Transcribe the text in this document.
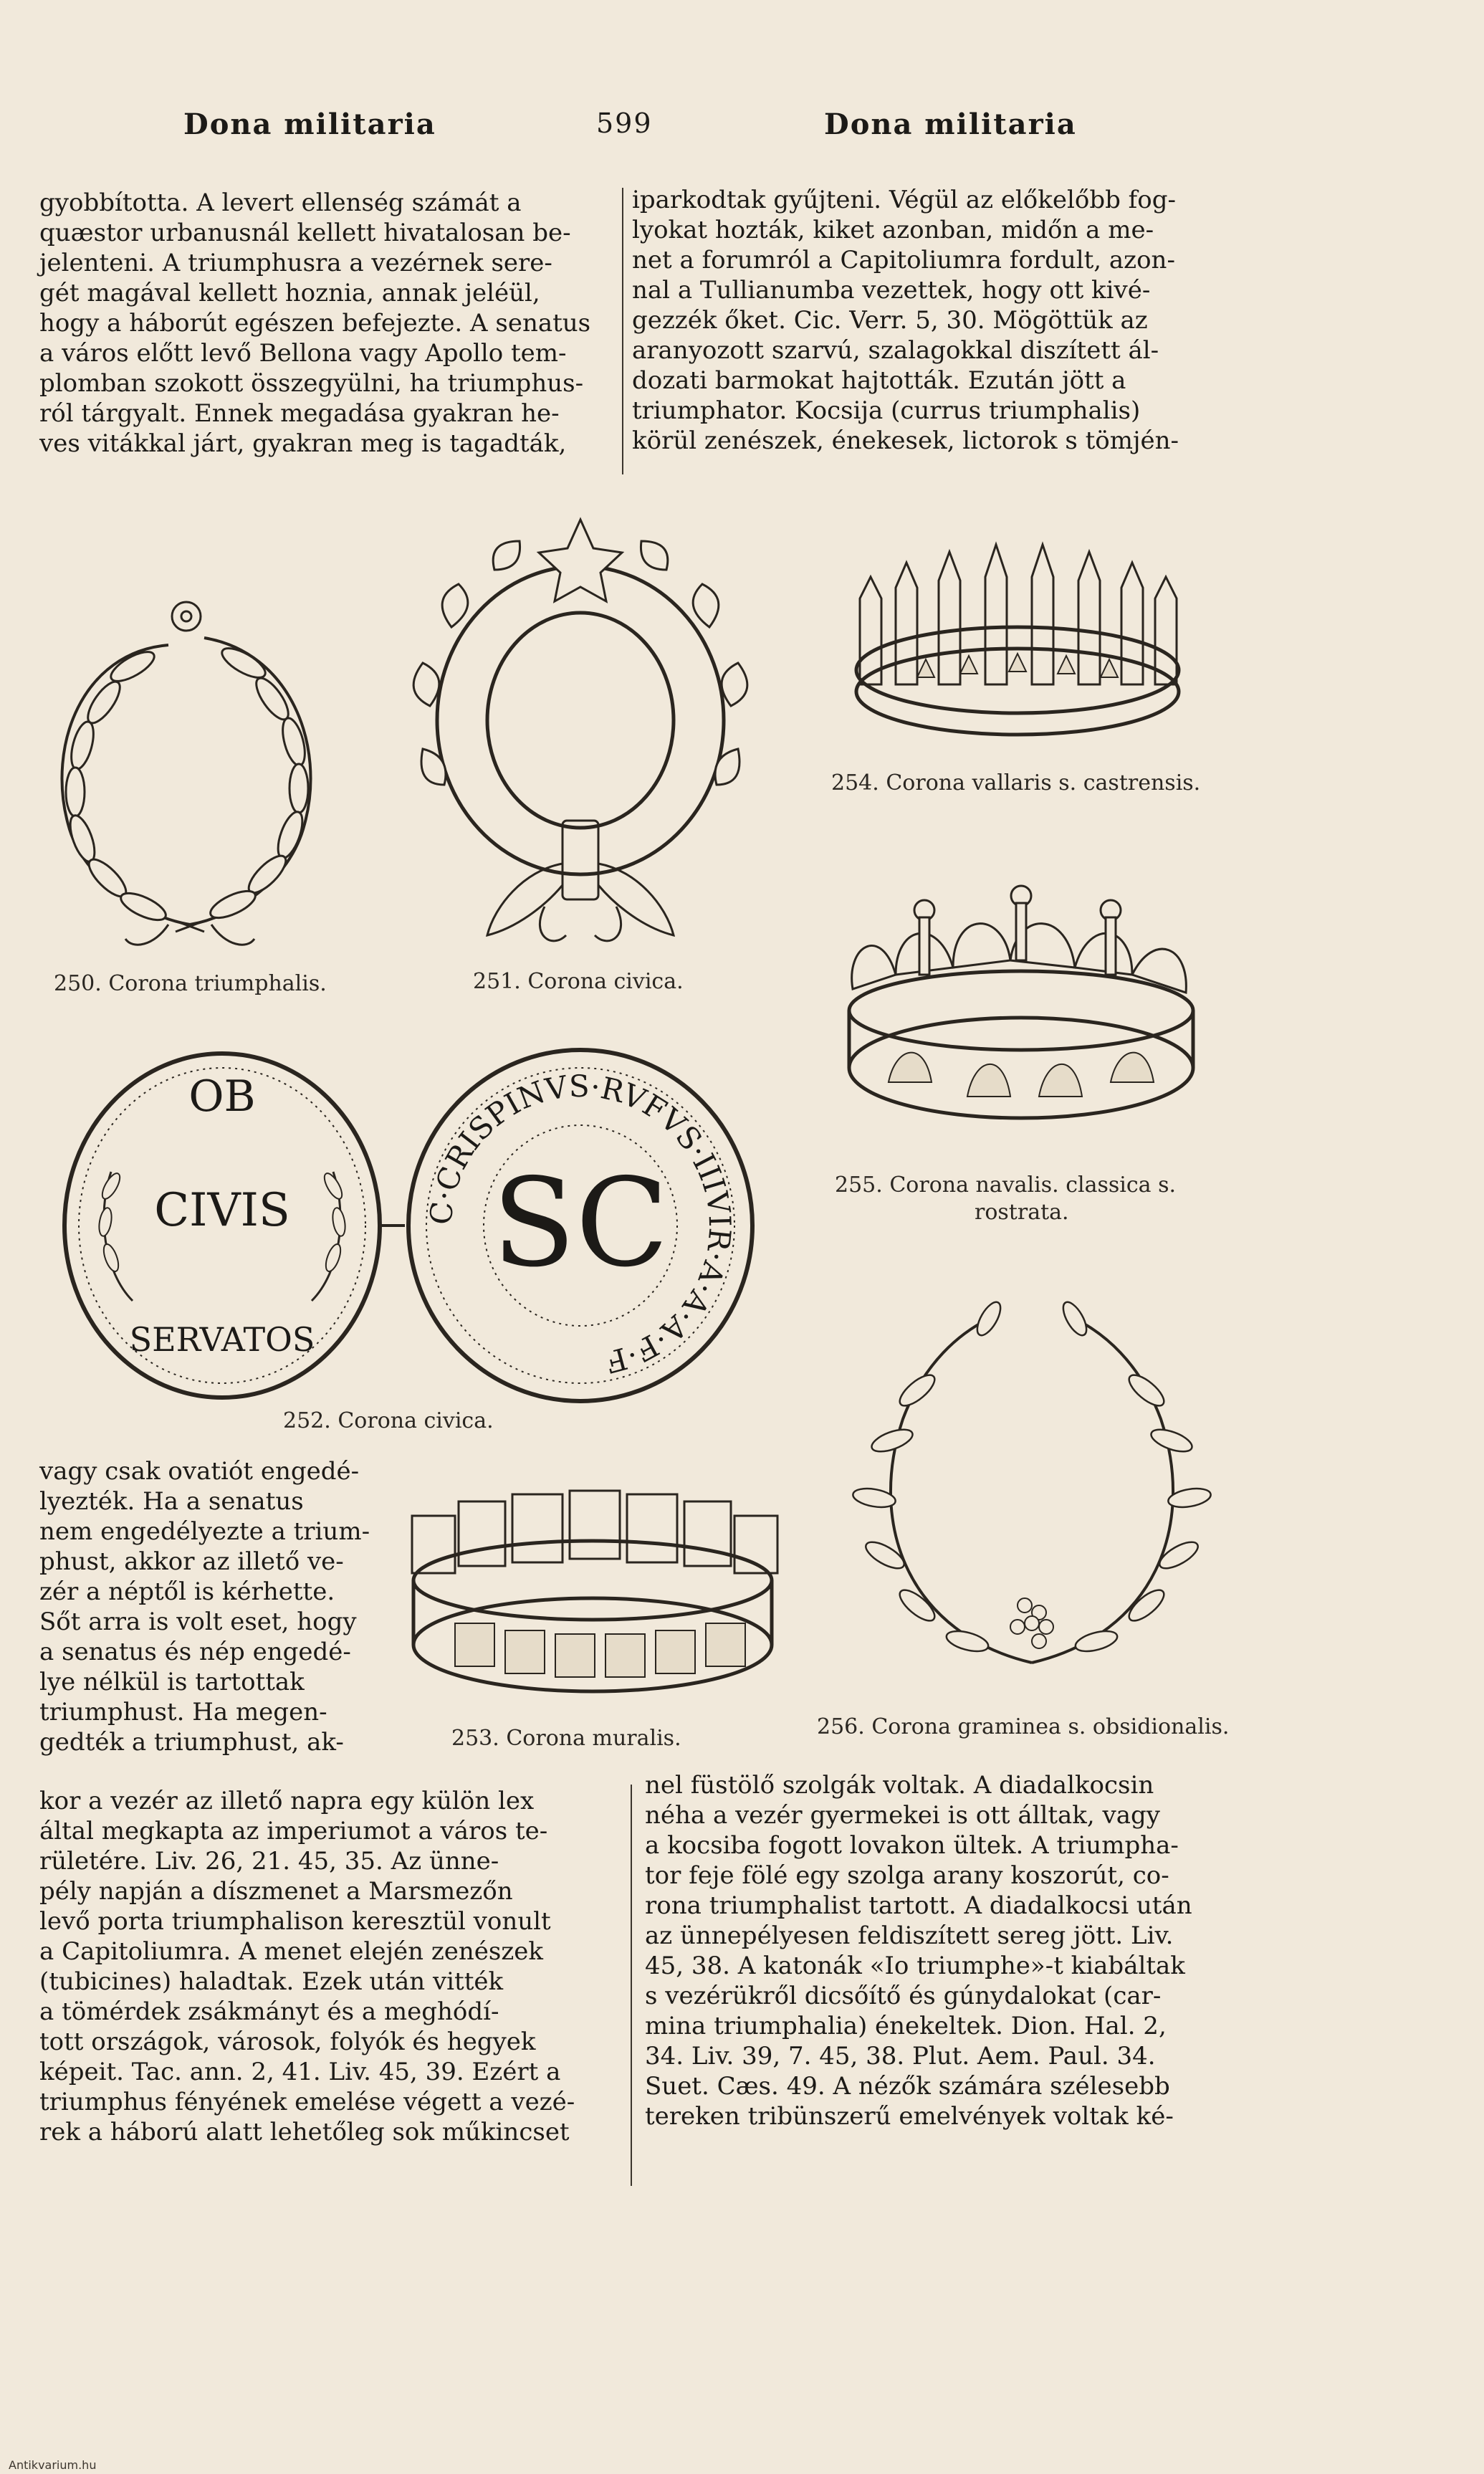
Dona militaria	599	Dona militaria

gyobbította. A levert ellenség számát a

quæstor urbanusnál kellett hivatalosan be-

jelenteni. A triumphusra a vezérnek sere-

gét magával kellett hoznia, annak jeléül,

hogy a háborút egészen befejezte. A senatus

a város előtt levő Bellona vagy Apollo tem-

plomban szokott összegyülni, ha triumphus-

ról tárgyalt. Ennek megadása gyakran he-

ves vitákkal járt, gyakran meg is tagadták,

iparkodtak gyűjteni. Végül az előkelőbb fog-

lyokat hozták, kiket azonban, midőn a me-

net a forumról a Capitoliumra fordult, azon-

nal a Tullianumba vezettek, hogy ott kivé-

gezzék őket. Cic. Verr. 5, 30. Mögöttük az

aranyozott szarvú, szalagokkal diszített ál-

dozati barmokat hajtották. Ezután jött a

triumphator. Kocsija (currus triumphalis)

körül zenészek, énekesek, lictorok s tömjén-

250. Corona triumphalis.	251. Corona civica.
254. Corona vallaris s. castrensis.
255. Corona navalis. classica s.
rostrata.
OB
CIVIS
SERVATOS
SC
C·CRISPINVS·RVFVS·IIIVIR·A·A·A·F·F
252. Corona civica.
256. Corona graminea s. obsidionalis.

vagy csak ovatiót engedé-

lyezték. Ha a senatus

nem engedélyezte a trium-

phust, akkor az illető ve-

zér a néptől is kérhette.

Sőt arra is volt eset, hogy

a senatus és nép engedé-

lye nélkül is tartottak

triumphust. Ha megen-

gedték a triumphust, ak-	253. Corona muralis.

kor a vezér az illető napra egy külön lex

által megkapta az imperiumot a város te-

rületére. Liv. 26, 21. 45, 35. Az ünne-

pély napján a díszmenet a Marsmezőn

levő porta triumphalison keresztül vonult

a Capitoliumra. A menet elején zenészek

(tubicines) haladtak. Ezek után vitték

a tömérdek zsákmányt és a meghódí-

tott országok, városok, folyók és hegyek

képeit. Tac. ann. 2, 41. Liv. 45, 39. Ezért a

triumphus fényének emelése végett a vezé-

rek a háború alatt lehetőleg sok műkincset

nel füstölő szolgák voltak. A diadalkocsin

néha a vezér gyermekei is ott álltak, vagy

a kocsiba fogott lovakon ültek. A triumpha-

tor feje fölé egy szolga arany koszorút, co-

rona triumphalist tartott. A diadalkocsi után

az ünnepélyesen feldiszített sereg jött. Liv.

45, 38. A katonák «Io triumphe»-t kiabáltak

s vezérükről dicsőítő és gúnydalokat (car-

mina triumphalia) énekeltek. Dion. Hal. 2,

34. Liv. 39, 7. 45, 38. Plut. Aem. Paul. 34.

Suet. Cæs. 49. A nézők számára szélesebb

tereken tribünszerű emelvények voltak ké-

Antikvarium.hu
